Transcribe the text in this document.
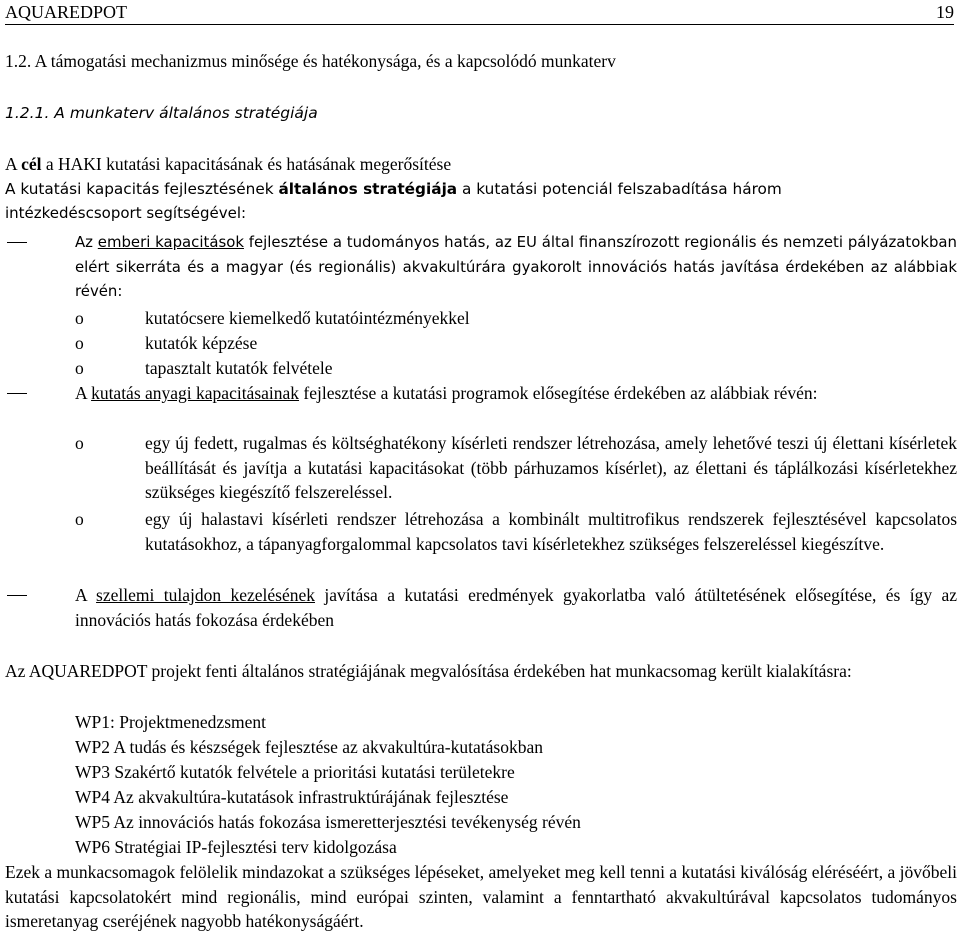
AQUAREDPOT	19
1.2. A támogatási mechanizmus minősége és hatékonysága, és a kapcsolódó munkaterv
1.2.1. A munkaterv általános stratégiája
A cél a HAKI kutatási kapacitásának és hatásának megerősítése
A kutatási kapacitás fejlesztésének általános stratégiája a kutatási potenciál felszabadítása három
intézkedéscsoport segítségével:
Az emberi kapacitások fejlesztése a tudományos hatás, az EU által finanszírozott regionális és nemzeti pályázatokban elért sikerráta és a magyar (és regionális) akvakultúrára gyakorolt innovációs hatás javítása érdekében az alábbiak révén:
o	kutatócsere kiemelkedő kutatóintézményekkel
o	kutatók képzése
o	tapasztalt kutatók felvétele
A kutatás anyagi kapacitásainak fejlesztése a kutatási programok elősegítése érdekében az alábbiak révén:
o	egy új fedett, rugalmas és költséghatékony kísérleti rendszer létrehozása, amely lehetővé teszi új élettani kísérletek beállítását és javítja a kutatási kapacitásokat (több párhuzamos kísérlet), az élettani és táplálkozási kísérletekhez szükséges kiegészítő felszereléssel.
o	egy új halastavi kísérleti rendszer létrehozása a kombinált multitrofikus rendszerek fejlesztésével kapcsolatos kutatásokhoz, a tápanyagforgalommal kapcsolatos tavi kísérletekhez szükséges felszereléssel kiegészítve.
A szellemi tulajdon kezelésének javítása a kutatási eredmények gyakorlatba való átültetésének elősegítése, és így az innovációs hatás fokozása érdekében
Az AQUAREDPOT projekt fenti általános stratégiájának megvalósítása érdekében hat munkacsomag került kialakításra:
WP1: Projektmenedzsment
WP2 A tudás és készségek fejlesztése az akvakultúra-kutatásokban
WP3 Szakértő kutatók felvétele a prioritási kutatási területekre
WP4 Az akvakultúra-kutatások infrastruktúrájának fejlesztése
WP5 Az innovációs hatás fokozása ismeretterjesztési tevékenység révén
WP6 Stratégiai IP-fejlesztési terv kidolgozása
Ezek a munkacsomagok felölelik mindazokat a szükséges lépéseket, amelyeket meg kell tenni a kutatási kiválóság eléréséért, a jövőbeli kutatási kapcsolatokért mind regionális, mind európai szinten, valamint a fenntartható akvakultúrával kapcsolatos tudományos ismeretanyag cseréjének nagyobb hatékonyságáért.
